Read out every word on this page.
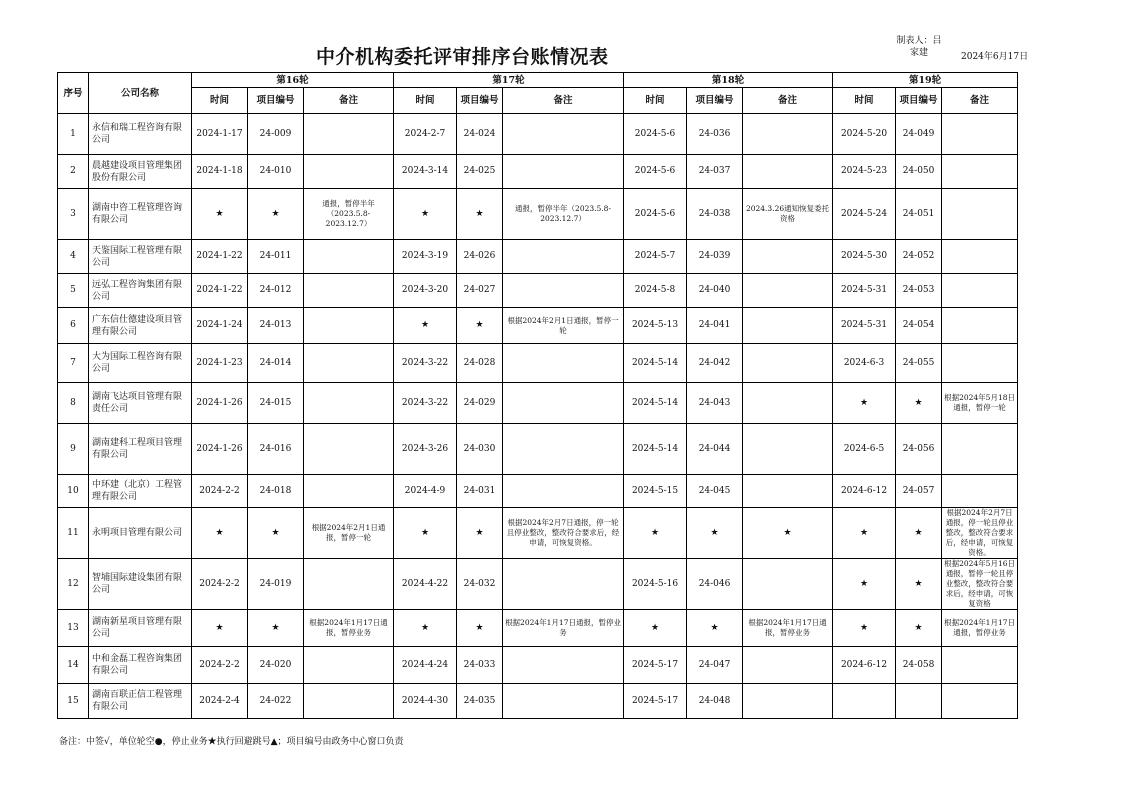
中介机构委托评审排序台账情况表
制表人：吕家建	2024年6月17日
序号	公司名称	第16轮			第17轮			第18轮			第19轮		
		时间	项目编号	备注	时间	项目编号	备注	时间	项目编号	备注	时间	项目编号	备注
1	永信和瑞工程咨询有限公司	2024-1-17	24-009		2024-2-7	24-024		2024-5-6	24-036		2024-5-20	24-049	
2	晨越建设项目管理集团股份有限公司	2024-1-18	24-010		2024-3-14	24-025		2024-5-6	24-037		2024-5-23	24-050	
3	湖南中咨工程管理咨询有限公司	★	★	通报，暂停半年（2023.5.8-2023.12.7）	★	★	通报，暂停半年（2023.5.8-2023.12.7）	2024-5-6	24-038	2024.3.26通知恢复委托资格	2024-5-24	24-051	
4	天鉴国际工程管理有限公司	2024-1-22	24-011		2024-3-19	24-026		2024-5-7	24-039		2024-5-30	24-052	
5	远弘工程咨询集团有限公司	2024-1-22	24-012		2024-3-20	24-027		2024-5-8	24-040		2024-5-31	24-053	
6	广东信仕德建设项目管理有限公司	2024-1-24	24-013		★	★	根据2024年2月1日通报，暂停一轮	2024-5-13	24-041		2024-5-31	24-054	
7	大为国际工程咨询有限公司	2024-1-23	24-014		2024-3-22	24-028		2024-5-14	24-042		2024-6-3	24-055	
8	湖南飞达项目管理有限责任公司	2024-1-26	24-015		2024-3-22	24-029		2024-5-14	24-043		★	★	根据2024年5月18日通报，暂停一轮
9	湖南建科工程项目管理有限公司	2024-1-26	24-016		2024-3-26	24-030		2024-5-14	24-044		2024-6-5	24-056	
10	中环建（北京）工程管理有限公司	2024-2-2	24-018		2024-4-9	24-031		2024-5-15	24-045		2024-6-12	24-057	
11	永明项目管理有限公司	★	★	根据2024年2月1日通报，暂停一轮	★	★	根据2024年2月7日通报，停一轮且停业整改，整改符合要求后，经申请，可恢复资格。	★	★	★	★	★	根据2024年2月7日通报，停一轮且停业整改，整改符合要求后，经申请，可恢复资格。
12	智埔国际建设集团有限公司	2024-2-2	24-019		2024-4-22	24-032		2024-5-16	24-046		★	★	根据2024年5月16日通报，暂停一轮且停业整改，整改符合要求后，经申请，可恢复资格
13	湖南新星项目管理有限公司	★	★	根据2024年1月17日通报，暂停业务	★	★	根据2024年1月17日通报，暂停业务	★	★	根据2024年1月17日通报，暂停业务	★	★	根据2024年1月17日通报，暂停业务
14	中和金磊工程咨询集团有限公司	2024-2-2	24-020		2024-4-24	24-033		2024-5-17	24-047		2024-6-12	24-058	
15	湖南百联正信工程管理有限公司	2024-2-4	24-022		2024-4-30	24-035		2024-5-17	24-048				
备注：中签√，单位轮空●，停止业务★执行回避跳号▲；项目编号由政务中心窗口负责
